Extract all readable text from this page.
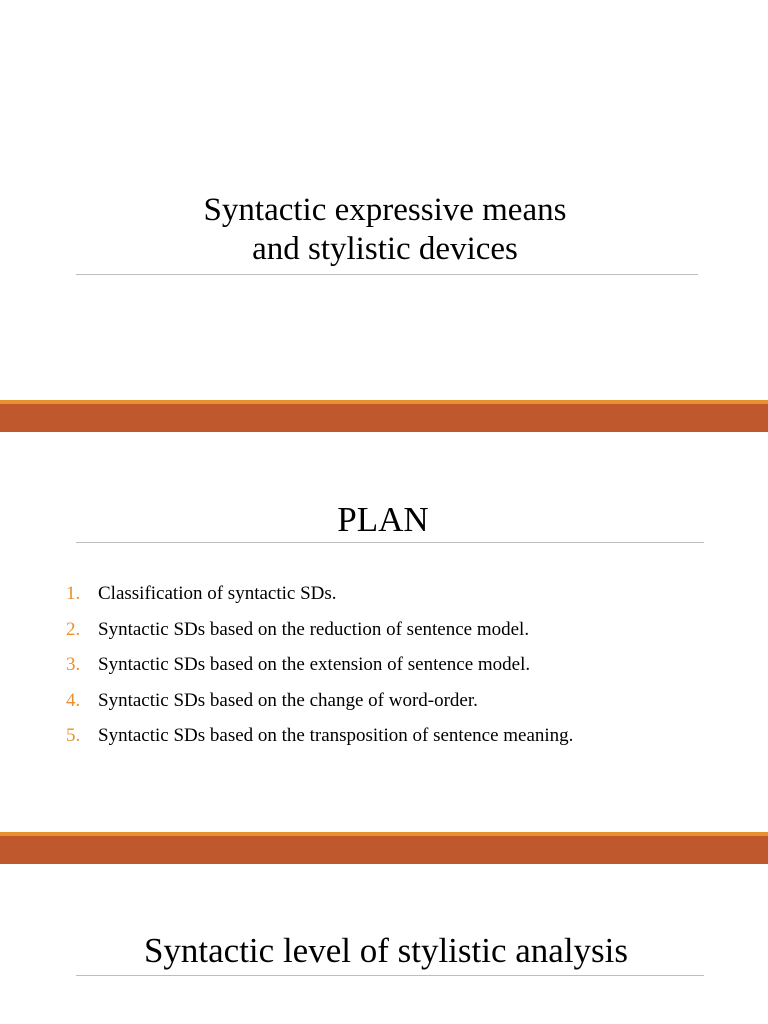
Syntactic expressive means
and stylistic devices
PLAN
1. Classification of syntactic SDs.
2. Syntactic SDs based on the reduction of sentence model.
3. Syntactic SDs based on the extension of sentence model.
4. Syntactic SDs based on the change of word-order.
5. Syntactic SDs based on the transposition of sentence meaning.
Syntactic level of stylistic analysis
